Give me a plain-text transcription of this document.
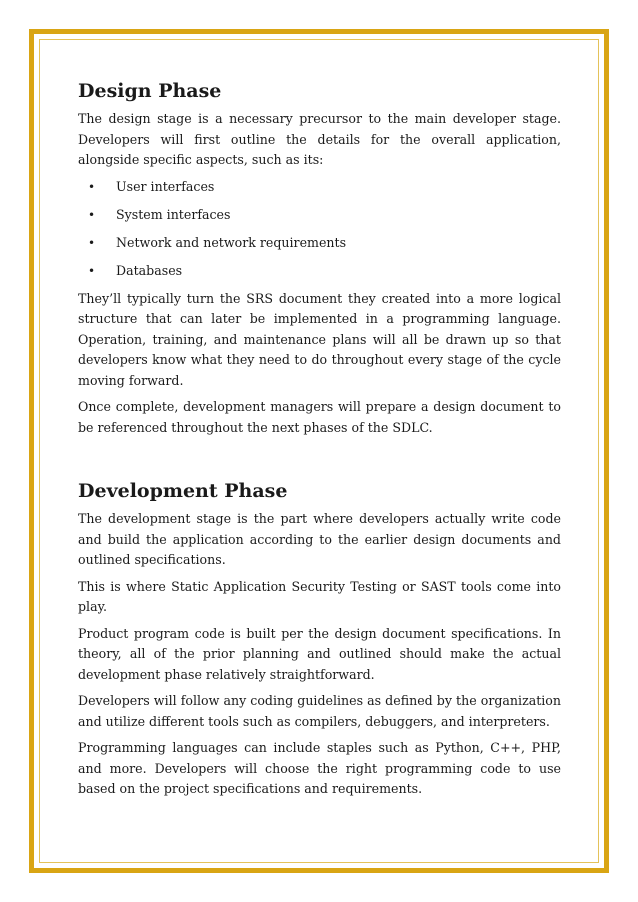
Design Phase

The design stage is a necessary precursor to the main developer stage. Developers will first outline the details for the overall application, alongside specific aspects, such as its:

• User interfaces
• System interfaces
• Network and network requirements
• Databases

They’ll typically turn the SRS document they created into a more logical structure that can later be implemented in a programming language. Operation, training, and maintenance plans will all be drawn up so that developers know what they need to do throughout every stage of the cycle moving forward.

Once complete, development managers will prepare a design document to be referenced throughout the next phases of the SDLC.

Development Phase

The development stage is the part where developers actually write code and build the application according to the earlier design documents and outlined specifications.

This is where Static Application Security Testing or SAST tools come into play.

Product program code is built per the design document specifications. In theory, all of the prior planning and outlined should make the actual development phase relatively straightforward.

Developers will follow any coding guidelines as defined by the organization and utilize different tools such as compilers, debuggers, and interpreters.

Programming languages can include staples such as Python, C++, PHP, and more. Developers will choose the right programming code to use based on the project specifications and requirements.
